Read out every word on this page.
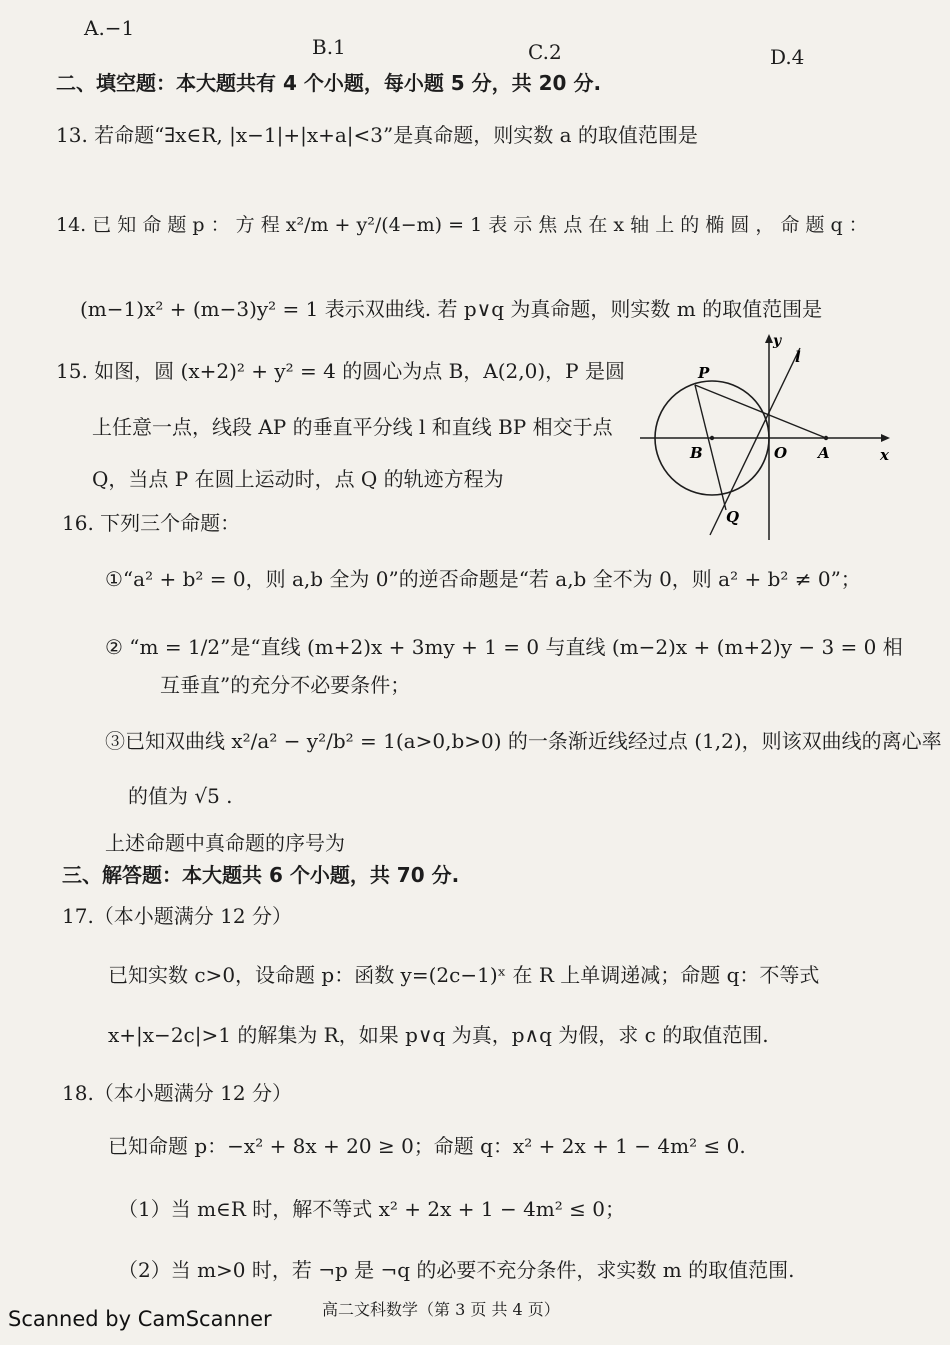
A.−1
B.1	C.2	D.4
二、填空题：本大题共有 4 个小题，每小题 5 分，共 20 分.
13. 若命题“∃x∈R, |x−1|+|x+a|<3”是真命题，则实数 a 的取值范围是
14. 已 知 命 题 p ： 方 程 x²/m + y²/(4−m) = 1 表 示 焦 点 在 x 轴 上 的 椭 圆 ， 命 题 q ：
(m−1)x² + (m−3)y² = 1 表示双曲线. 若 p∨q 为真命题，则实数 m 的取值范围是
15. 如图，圆 (x+2)² + y² = 4 的圆心为点 B，A(2,0)，P 是圆
上任意一点，线段 AP 的垂直平分线 l 和直线 BP 相交于点
Q，当点 P 在圆上运动时，点 Q 的轨迹方程为
P
B	O A	x
y
l
Q
16. 下列三个命题：
①“a² + b² = 0，则 a,b 全为 0”的逆否命题是“若 a,b 全不为 0，则 a² + b² ≠ 0”；
② “m = 1/2”是“直线 (m+2)x + 3my + 1 = 0 与直线 (m−2)x + (m+2)y − 3 = 0 相
互垂直”的充分不必要条件；
③已知双曲线 x²/a² − y²/b² = 1(a>0,b>0) 的一条渐近线经过点 (1,2)，则该双曲线的离心率
的值为 √5 .
上述命题中真命题的序号为
三、解答题：本大题共 6 个小题，共 70 分.
17.（本小题满分 12 分）
已知实数 c>0，设命题 p：函数 y=(2c−1)ˣ 在 R 上单调递减；命题 q：不等式
x+|x−2c|>1 的解集为 R，如果 p∨q 为真，p∧q 为假，求 c 的取值范围.
18.（本小题满分 12 分）
已知命题 p：−x² + 8x + 20 ≥ 0；命题 q：x² + 2x + 1 − 4m² ≤ 0.
（1）当 m∈R 时，解不等式 x² + 2x + 1 − 4m² ≤ 0；
（2）当 m>0 时，若 ¬p 是 ¬q 的必要不充分条件，求实数 m 的取值范围.
高二文科数学（第 3 页 共 4 页）
Scanned by CamScanner
